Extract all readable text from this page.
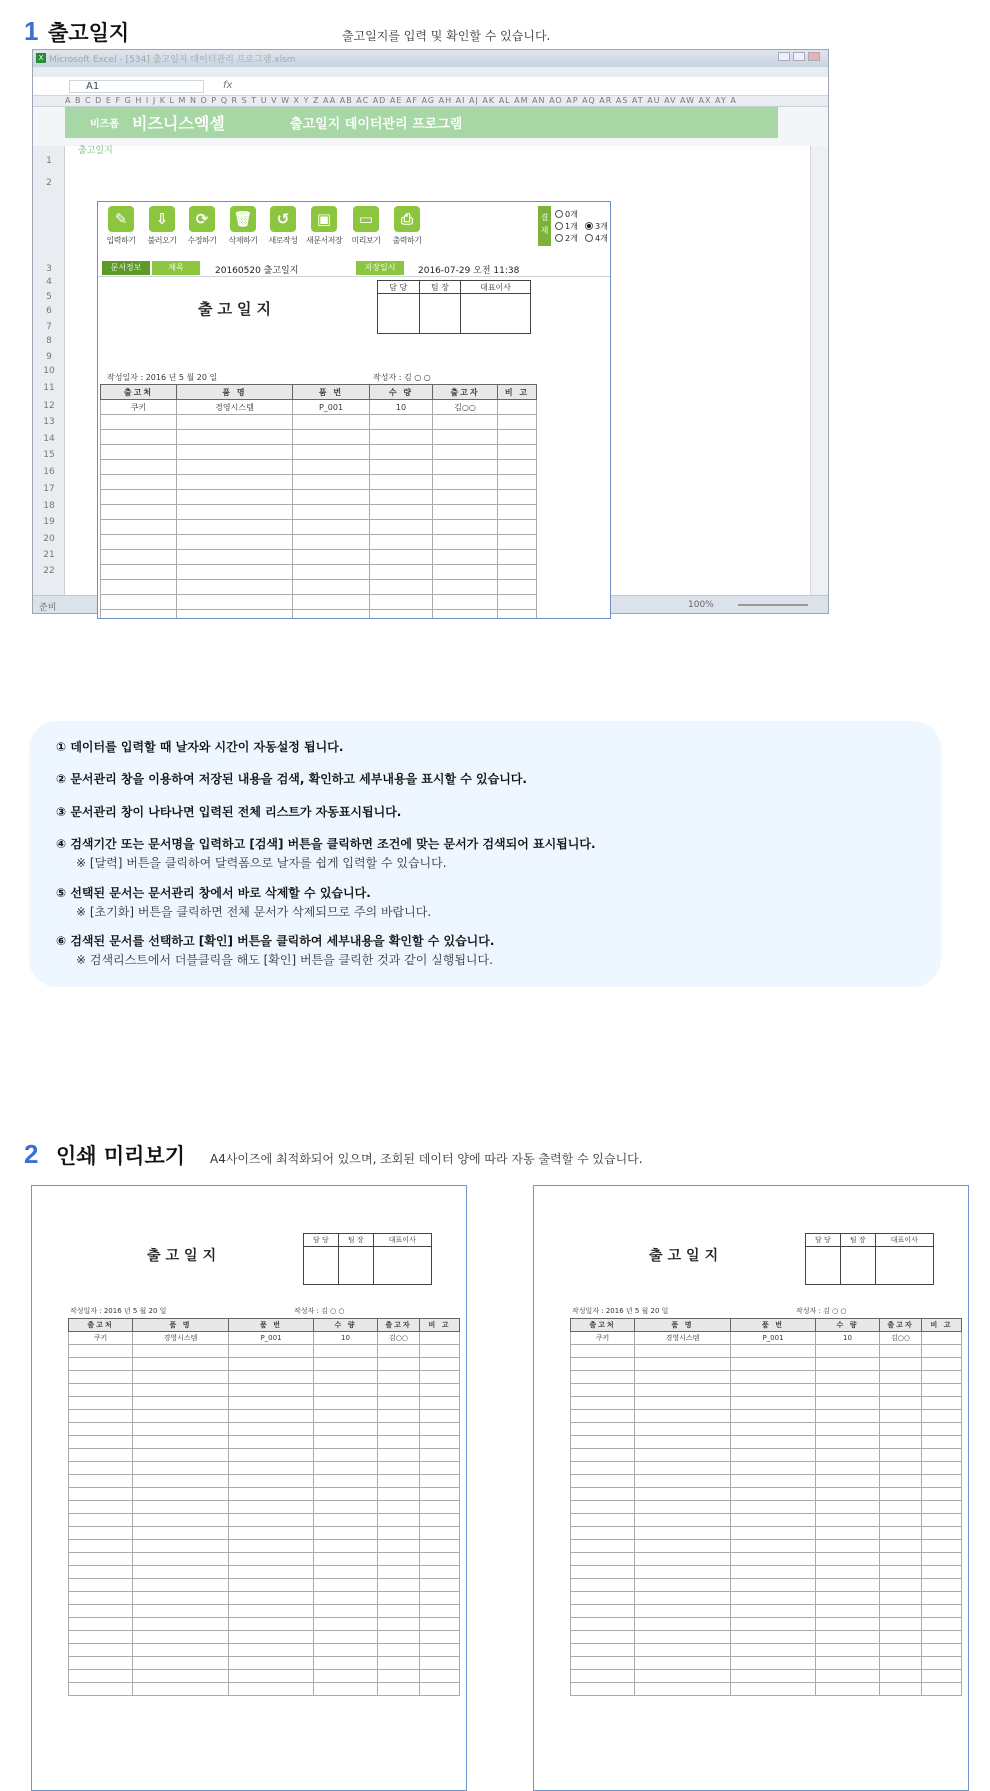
1 출고일지	출고일지를 입력 및 확인할 수 있습니다.
X Microsoft Excel - [534] 출고일지 데이터관리 프로그램.xlsm
A1	fx
A B C D E F G H I J K L M N O P Q R S T U V W X Y Z AA AB AC AD AE AF AG AH AI AJ AK AL AM AN AO AP AQ AR AS AT AU AV AW AX AY A
1
2
3
4
5
6
7
8
9
10
11
12
13
14
15
16
17
18
19
20
21
22
비즈폼 비즈니스엑셀	출고일지 데이터관리 프로그램
출고일지
준비	100%
✎
입력하기
⇩
불러오기
⟳
수정하기
🗑
삭제하기
↺
새로작성
▣
새문서저장
▭
미리보기
⎙
출력하기
결재
0개
1개	3개
2개	4개
문서정보	제목	20160520 출고일지	저장일시	2016-07-29 오전 11:38
출고일지
담 당	팀 장	대표이사

작성일자 : 2016 년 5 월 20 일	작성자 : 김 ○ ○
출고처	품 명	품 번	수 량	출고자	비 고
쿠키	경영시스템	P_001	10	김○○	

① 데이터를 입력할 때 날자와 시간이 자동설정 됩니다.
② 문서관리 창을 이용하여 저장된 내용을 검색, 확인하고 세부내용을 표시할 수 있습니다.
③ 문서관리 창이 나타나면 입력된 전체 리스트가 자동표시됩니다.
④ 검색기간 또는 문서명을 입력하고 [검색] 버튼을 클릭하면 조건에 맞는 문서가 검색되어 표시됩니다.
※ [달력] 버튼을 클릭하여 달력폼으로 날자를 쉽게 입력할 수 있습니다.
⑤ 선택된 문서는 문서관리 창에서 바로 삭제할 수 있습니다.
※ [초기화] 버튼을 클릭하면 전체 문서가 삭제되므로 주의 바랍니다.
⑥ 검색된 문서를 선택하고 [확인] 버튼을 클릭하여 세부내용을 확인할 수 있습니다.
※ 검색리스트에서 더블클릭을 해도 [확인] 버튼을 클릭한 것과 같이 실행됩니다.
2 인쇄 미리보기 A4사이즈에 최적화되어 있으며, 조회된 데이터 양에 따라 자동 출력할 수 있습니다.
출고일지
담 당	팀 장	대표이사

작성일자 : 2016 년 5 월 20 일	작성자 : 김 ○ ○
출고처	품 명	품 번	수 량	출고자	비 고
쿠키	경영시스템	P_001	10	김○○	

출고일지
담 당	팀 장	대표이사

작성일자 : 2016 년 5 월 20 일	작성자 : 김 ○ ○
출고처	품 명	품 번	수 량	출고자	비 고
쿠키	경영시스템	P_001	10	김○○	
